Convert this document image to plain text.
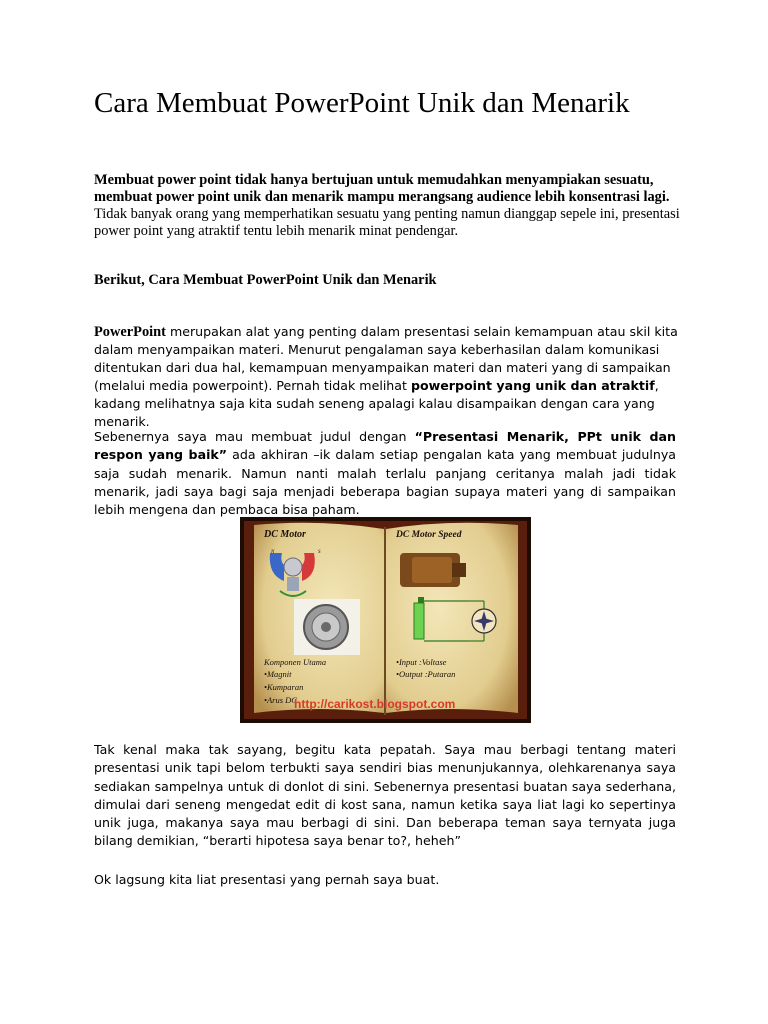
Cara Membuat PowerPoint Unik dan Menarik

Membuat power point tidak hanya bertujuan untuk memudahkan menyampiakan sesuatu, membuat power point unik dan menarik mampu merangsang audience lebih konsentrasi lagi. Tidak banyak orang yang memperhatikan sesuatu yang penting namun dianggap sepele ini, presentasi power point yang atraktif tentu lebih menarik minat pendengar.

Berikut, Cara Membuat PowerPoint Unik dan Menarik

PowerPoint merupakan alat yang penting dalam presentasi selain kemampuan atau skil kita dalam menyampaikan materi. Menurut pengalaman saya keberhasilan dalam komunikasi ditentukan dari dua hal, kemampuan menyampaikan materi dan materi yang di sampaikan (melalui media powerpoint). Pernah tidak melihat powerpoint yang unik dan atraktif, kadang melihatnya saja kita sudah seneng apalagi kalau disampaikan dengan cara yang menarik.

Sebenernya saya mau membuat judul dengan “Presentasi Menarik, PPt unik dan respon yang baik” ada akhiran –ik dalam setiap pengalan kata yang membuat judulnya saja sudah menarik. Namun nanti malah terlalu panjang ceritanya malah jadi tidak menarik, jadi saya bagi saja menjadi beberapa bagian supaya materi yang di sampaikan lebih mengena dan pembaca bisa paham.

DC Motor
N	S
Komponen Utama
•Magnit
•Kumparan
•Arus DC
DC Motor Speed
•Input :Voltase
•Output :Putaran
http://carikost.blogspot.com

Tak kenal maka tak sayang, begitu kata pepatah. Saya mau berbagi tentang materi presentasi unik tapi belom terbukti saya sendiri bias menunjukannya, olehkarenanya saya sediakan sampelnya untuk di donlot di sini. Sebenernya presentasi buatan saya sederhana, dimulai dari seneng mengedat edit di kost sana, namun ketika saya liat lagi ko sepertinya unik juga, makanya saya mau berbagi di sini. Dan beberapa teman saya ternyata juga bilang demikian, “berarti hipotesa saya benar to?, heheh”

Ok lagsung kita liat presentasi yang pernah saya buat.
